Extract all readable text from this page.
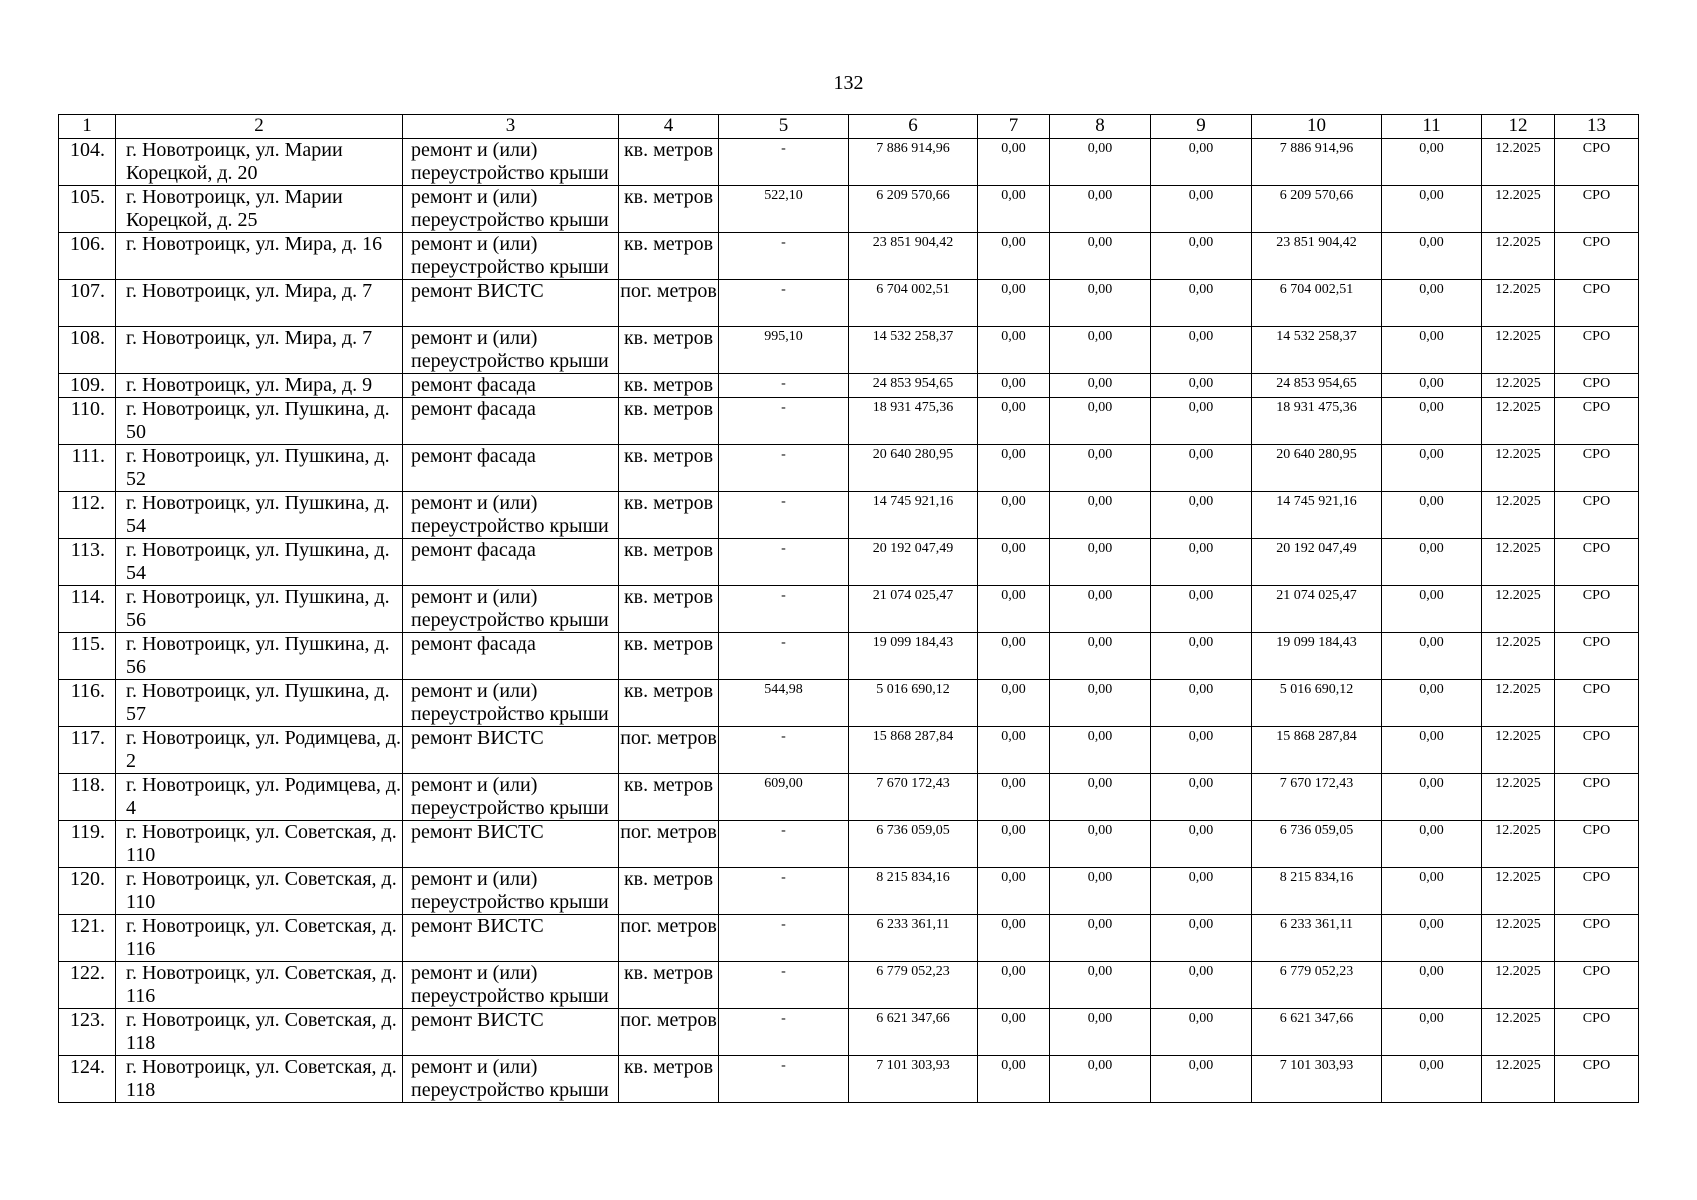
132
1	2	3	4	5	6	7	8	9	10	11	12	13
104.	г. Новотроицк, ул. Марии Корецкой, д. 20	ремонт и (или) переустройство крыши	кв. метров	-	7 886 914,96	0,00	0,00	0,00	7 886 914,96	0,00	12.2025	СРО
105.	г. Новотроицк, ул. Марии Корецкой, д. 25	ремонт и (или) переустройство крыши	кв. метров	522,10	6 209 570,66	0,00	0,00	0,00	6 209 570,66	0,00	12.2025	СРО
106.	г. Новотроицк, ул. Мира, д. 16	ремонт и (или) переустройство крыши	кв. метров	-	23 851 904,42	0,00	0,00	0,00	23 851 904,42	0,00	12.2025	СРО
107.	г. Новотроицк, ул. Мира, д. 7	ремонт ВИСТС	пог. метров	-	6 704 002,51	0,00	0,00	0,00	6 704 002,51	0,00	12.2025	СРО
108.	г. Новотроицк, ул. Мира, д. 7	ремонт и (или) переустройство крыши	кв. метров	995,10	14 532 258,37	0,00	0,00	0,00	14 532 258,37	0,00	12.2025	СРО
109.	г. Новотроицк, ул. Мира, д. 9	ремонт фасада	кв. метров	-	24 853 954,65	0,00	0,00	0,00	24 853 954,65	0,00	12.2025	СРО
110.	г. Новотроицк, ул. Пушкина, д. 50	ремонт фасада	кв. метров	-	18 931 475,36	0,00	0,00	0,00	18 931 475,36	0,00	12.2025	СРО
111.	г. Новотроицк, ул. Пушкина, д. 52	ремонт фасада	кв. метров	-	20 640 280,95	0,00	0,00	0,00	20 640 280,95	0,00	12.2025	СРО
112.	г. Новотроицк, ул. Пушкина, д. 54	ремонт и (или) переустройство крыши	кв. метров	-	14 745 921,16	0,00	0,00	0,00	14 745 921,16	0,00	12.2025	СРО
113.	г. Новотроицк, ул. Пушкина, д. 54	ремонт фасада	кв. метров	-	20 192 047,49	0,00	0,00	0,00	20 192 047,49	0,00	12.2025	СРО
114.	г. Новотроицк, ул. Пушкина, д. 56	ремонт и (или) переустройство крыши	кв. метров	-	21 074 025,47	0,00	0,00	0,00	21 074 025,47	0,00	12.2025	СРО
115.	г. Новотроицк, ул. Пушкина, д. 56	ремонт фасада	кв. метров	-	19 099 184,43	0,00	0,00	0,00	19 099 184,43	0,00	12.2025	СРО
116.	г. Новотроицк, ул. Пушкина, д. 57	ремонт и (или) переустройство крыши	кв. метров	544,98	5 016 690,12	0,00	0,00	0,00	5 016 690,12	0,00	12.2025	СРО
117.	г. Новотроицк, ул. Родимцева, д. 2	ремонт ВИСТС	пог. метров	-	15 868 287,84	0,00	0,00	0,00	15 868 287,84	0,00	12.2025	СРО
118.	г. Новотроицк, ул. Родимцева, д. 4	ремонт и (или) переустройство крыши	кв. метров	609,00	7 670 172,43	0,00	0,00	0,00	7 670 172,43	0,00	12.2025	СРО
119.	г. Новотроицк, ул. Советская, д. 110	ремонт ВИСТС	пог. метров	-	6 736 059,05	0,00	0,00	0,00	6 736 059,05	0,00	12.2025	СРО
120.	г. Новотроицк, ул. Советская, д. 110	ремонт и (или) переустройство крыши	кв. метров	-	8 215 834,16	0,00	0,00	0,00	8 215 834,16	0,00	12.2025	СРО
121.	г. Новотроицк, ул. Советская, д. 116	ремонт ВИСТС	пог. метров	-	6 233 361,11	0,00	0,00	0,00	6 233 361,11	0,00	12.2025	СРО
122.	г. Новотроицк, ул. Советская, д. 116	ремонт и (или) переустройство крыши	кв. метров	-	6 779 052,23	0,00	0,00	0,00	6 779 052,23	0,00	12.2025	СРО
123.	г. Новотроицк, ул. Советская, д. 118	ремонт ВИСТС	пог. метров	-	6 621 347,66	0,00	0,00	0,00	6 621 347,66	0,00	12.2025	СРО
124.	г. Новотроицк, ул. Советская, д. 118	ремонт и (или) переустройство крыши	кв. метров	-	7 101 303,93	0,00	0,00	0,00	7 101 303,93	0,00	12.2025	СРО
